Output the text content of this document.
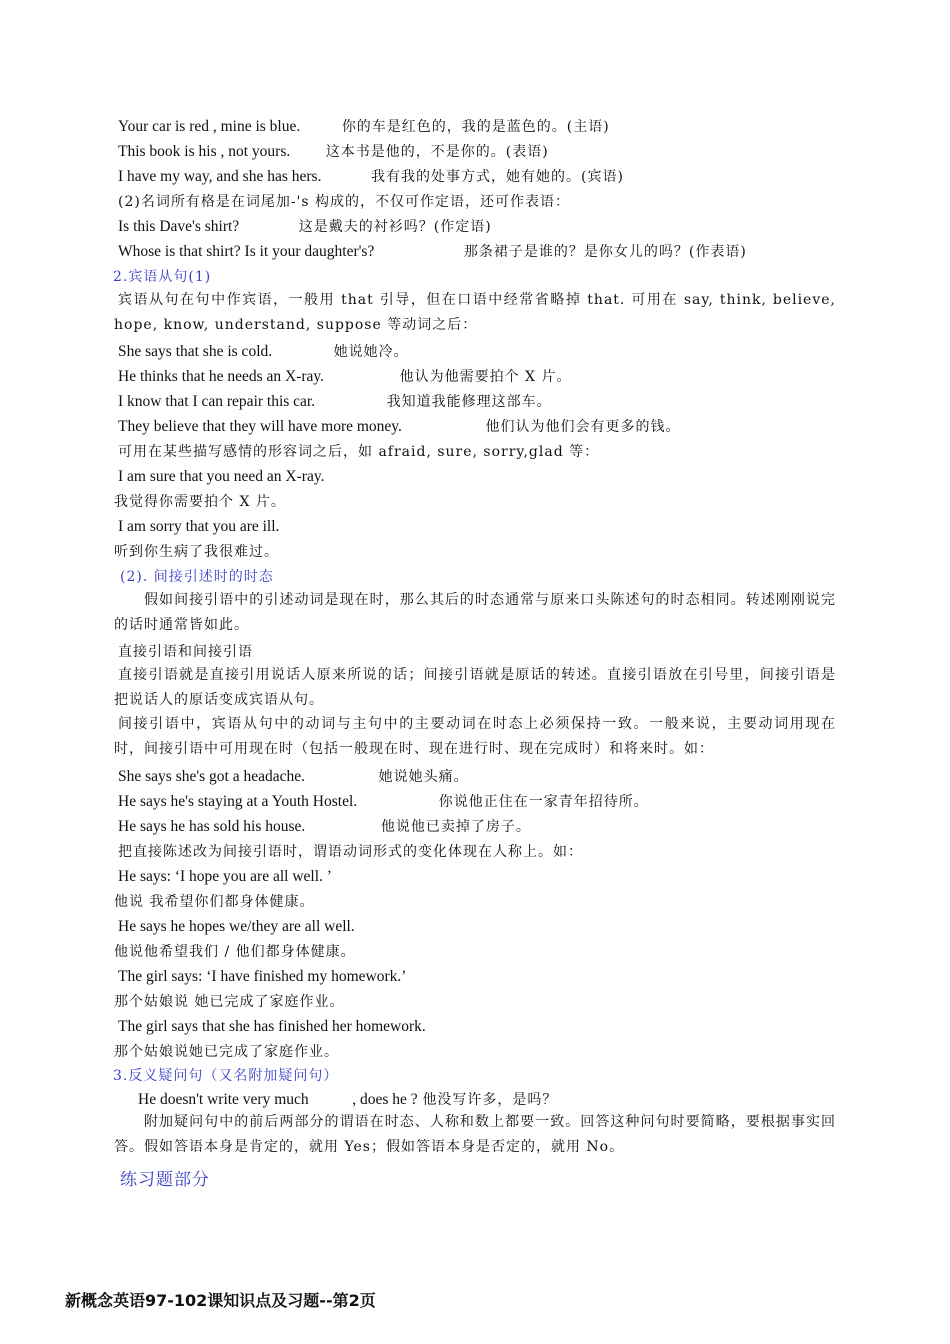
Your car is red , mine is blue.	你的车是红色的，我的是蓝色的。(主语)
This book is his , not yours.	这本书是他的，不是你的。(表语)
I have my way, and she has hers.	我有我的处事方式，她有她的。(宾语)
(2)名词所有格是在词尾加-'s 构成的，不仅可作定语，还可作表语：
Is this Dave's shirt?	这是戴夫的衬衫吗？(作定语)
Whose is that shirt? Is it your daughter's?	那条裙子是谁的？是你女儿的吗？(作表语)
2.宾语从句(1)
宾语从句在句中作宾语，一般用 that 引导，但在口语中经常省略掉 that. 可用在 say, think, believe, hope, know, understand, suppose 等动词之后：
She says that she is cold.	她说她冷。
He thinks that he needs an X-ray.	他认为他需要拍个 X 片。
I know that I can repair this car.	我知道我能修理这部车。
They believe that they will have more money.	他们认为他们会有更多的钱。
可用在某些描写感情的形容词之后，如 afraid, sure, sorry,glad 等：
I am sure that you need an X-ray.
我觉得你需要拍个 X 片。
I am sorry that you are ill.
听到你生病了我很难过。
(2). 间接引述时的时态
假如间接引语中的引述动词是现在时，那么其后的时态通常与原来口头陈述句的时态相同。转述刚刚说完的话时通常皆如此。
直接引语和间接引语
直接引语就是直接引用说话人原来所说的话；间接引语就是原话的转述。直接引语放在引号里，间接引语是把说话人的原话变成宾语从句。
间接引语中，宾语从句中的动词与主句中的主要动词在时态上必须保持一致。一般来说，主要动词用现在时，间接引语中可用现在时（包括一般现在时、现在进行时、现在完成时）和将来时。如：
She says she's got a headache.	她说她头痛。
He says he's staying at a Youth Hostel.	你说他正住在一家青年招待所。
He says he has sold his house.	他说他已卖掉了房子。
把直接陈述改为间接引语时，谓语动词形式的变化体现在人称上。如：
He says: ‘I hope you are all well. ’
他说 我希望你们都身体健康。
He says he hopes we/they are all well.
他说他希望我们 / 他们都身体健康。
The girl says: ‘I have finished my homework.’
那个姑娘说 她已完成了家庭作业。
The girl says that she has finished her homework.
那个姑娘说她已完成了家庭作业。
3.反义疑问句（又名附加疑问句）
He doesn't write very much	, does he ? 他没写许多，是吗？
附加疑问句中的前后两部分的谓语在时态、人称和数上都要一致。回答这种问句时要简略，要根据事实回答。假如答语本身是肯定的，就用 Yes；假如答语本身是否定的，就用 No。
练习题部分
新概念英语97-102课知识点及习题--第2页
